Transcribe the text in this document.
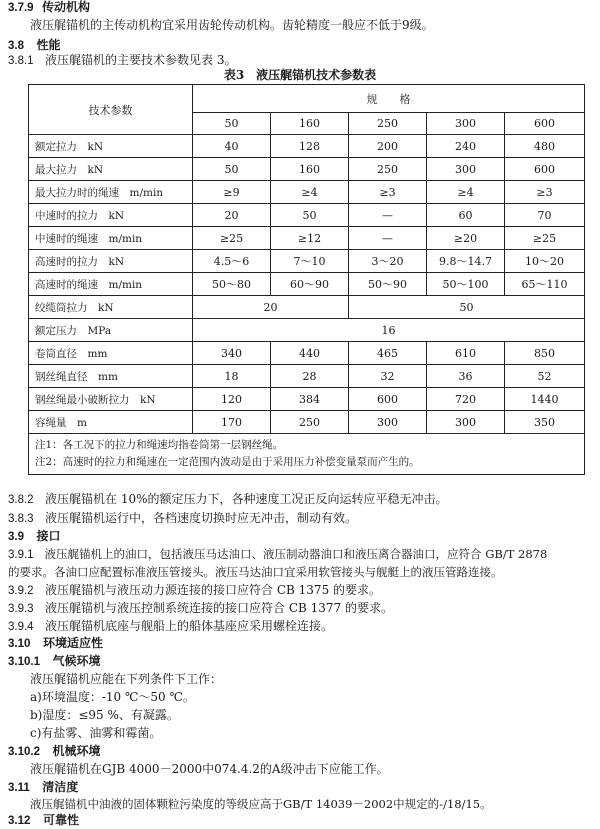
3.7.9 传动机构
液压艉锚机的主传动机构宜采用齿轮传动机构。齿轮精度一般应不低于9级。
3.8 性能
3.8.1 液压艉锚机的主要技术参数见表 3。
表3　液压艉锚机技术参数表
技术参数	规　　格				
	50	160	250	300	600
额定拉力　kN	40	128	200	240	480
最大拉力　kN	50	160	250	300	600
最大拉力时的绳速　m/min	≥9	≥4	≥3	≥4	≥3
中速时的拉力　kN	20	50	—	60	70
中速时的绳速　m/min	≥25	≥12	—	≥20	≥25
高速时的拉力　kN	4.5～6	7～10	3～20	9.8～14.7	10～20
高速时的绳速　m/min	50～80	60～90	50～90	50～100	65～110
绞缆筒拉力　kN	20		50		
额定压力　MPa	16				
卷筒直径　mm	340	440	465	610	850
钢丝绳直径　mm	18	28	32	36	52
钢丝绳最小破断拉力　kN	120	384	600	720	1440
容绳量　m	170	250	300	300	350

注1：各工况下的拉力和绳速均指卷筒第一层钢丝绳。
注2：高速时的拉力和绳速在一定范围内波动是由于采用压力补偿变量泵而产生的。					
3.8.2 液压艉锚机在 10%的额定压力下，各种速度工况正反向运转应平稳无冲击。
3.8.3 液压艉锚机运行中，各档速度切换时应无冲击，制动有效。
3.9 接口
3.9.1 液压艉锚机上的油口，包括液压马达油口、液压制动器油口和液压离合器油口，应符合 GB/T 2878
的要求。各油口应配置标准液压管接头。液压马达油口宜采用软管接头与舰艇上的液压管路连接。
3.9.2 液压艉锚机与液压动力源连接的接口应符合 CB 1375 的要求。
3.9.3 液压艉锚机与液压控制系统连接的接口应符合 CB 1377 的要求。
3.9.4 液压艉锚机底座与舰船上的船体基座应采用螺栓连接。
3.10 环境适应性
3.10.1 气候环境
液压艉锚机应能在下列条件下工作：
a)环境温度：-10 ℃～50 ℃。
b)湿度：≤95 %、有凝露。
c)有盐雾、油雾和霉菌。
3.10.2 机械环境
液压艉锚机在GJB 4000－2000中074.4.2的A级冲击下应能工作。
3.11 清洁度
液压艉锚机中油液的固体颗粒污染度的等级应高于GB/T 14039－2002中规定的-/18/15。
3.12 可靠性
